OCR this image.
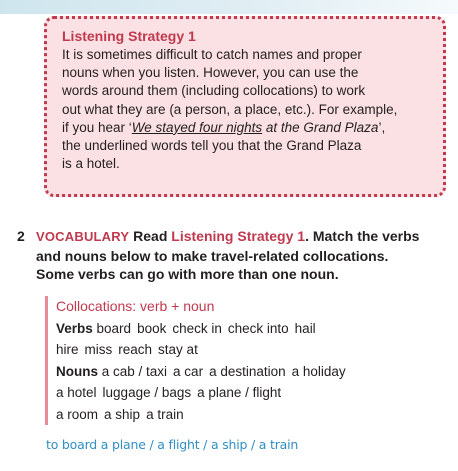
Listening Strategy 1
It is sometimes difficult to catch names and proper
nouns when you listen. However, you can use the
words around them (including collocations) to work
out what they are (a person, a place, etc.). For example,
if you hear ‘We stayed four nights at the Grand Plaza’,
the underlined words tell you that the Grand Plaza
is a hotel.
2 VOCABULARY Read Listening Strategy 1. Match the verbs
and nouns below to make travel-related collocations.
Some verbs can go with more than one noun.
Collocations: verb + noun
Verbs board book check in check into hail
hire miss reach stay at
Nouns a cab / taxi a car a destination a holiday
a hotel luggage / bags a plane / flight
a room a ship a train
to board a plane / a flight / a ship / a train
